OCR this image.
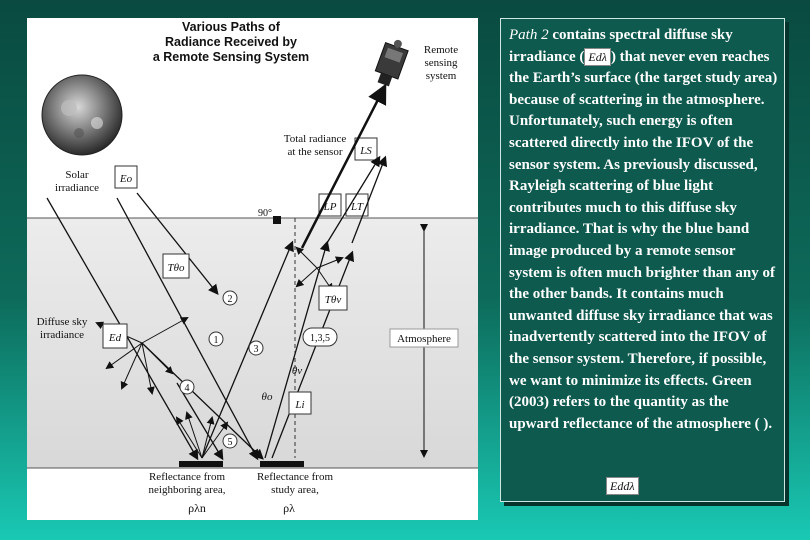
Various Paths of
Radiance Received by
a Remote Sensing System	Remote
sensing
system
Total radiance
at the sensor LS
Solar
irradiance
Eo
90°
LP LT
Tθo
Tθv
Diffuse sky
irradiance Ed
2
1
3
4
5
1,3,5
θv
θo
Li
Atmosphere
Reflectance from
neighboring area,
Reflectance from
study area,
ρλn	ρλ

Path 2 contains spectral diffuse sky irradiance ( Edλ ) that never even reaches the Earth’s surface (the target study area) because of scattering in the atmosphere. Unfortunately, such energy is often scattered directly into the IFOV of the sensor system. As previously discussed, Rayleigh scattering of blue light contributes much to this diffuse sky irradiance. That is why the blue band image produced by a remote sensor system is often much brighter than any of the other bands. It contains much unwanted diffuse sky irradiance that was inadvertently scattered into the IFOV of the sensor system. Therefore, if possible, we want to minimize its effects. Green (2003) refers to the quantity as the upward reflectance of the atmosphere ( ).

Eddλ
